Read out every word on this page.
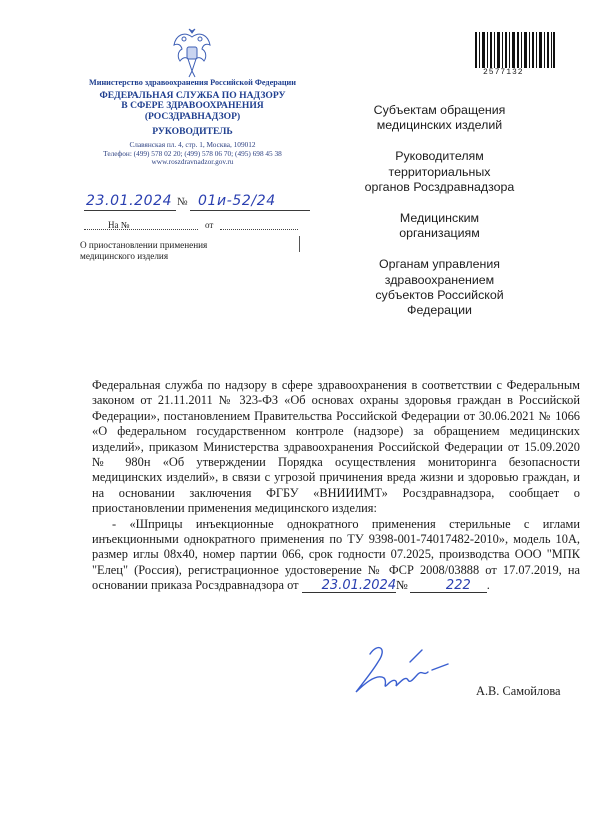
Министерство здравоохранения Российской Федерации
ФЕДЕРАЛЬНАЯ СЛУЖБА ПО НАДЗОРУ
В СФЕРЕ ЗДРАВООХРАНЕНИЯ
(РОСЗДРАВНАДЗОР)
РУКОВОДИТЕЛЬ
Славянская пл. 4, стр. 1, Москва, 109012
Телефон: (499) 578 02 20; (499) 578 06 70; (495) 698 45 38
www.roszdravnadzor.gov.ru
23.01.2024 № 01и-52/24
На №	от
О приостановлении применения
медицинского изделия
2577132
Субъектам обращения
медицинских изделий
Руководителям
территориальных
органов Росздравнадзора
Медицинским
организациям
Органам управления
здравоохранением
субъектов Российской
Федерации

Федеральная служба по надзору в сфере здравоохранения в соответствии с Федеральным законом от 21.11.2011 № 323-ФЗ «Об основах охраны здоровья граждан в Российской Федерации», постановлением Правительства Российской Федерации от 30.06.2021 № 1066 «О федеральном государственном контроле (надзоре) за обращением медицинских изделий», приказом Министерства здравоохранения Российской Федерации от 15.09.2020 № 980н «Об утверждении Порядка осуществления мониторинга безопасности медицинских изделий», в связи с угрозой причинения вреда жизни и здоровью граждан, и на основании заключения ФГБУ «ВНИИИМТ» Росздравнадзора, сообщает о приостановлении применения медицинского изделия:

- «Шприцы инъекционные однократного применения стерильные с иглами инъекционными однократного применения по ТУ 9398-001-74017482-2010», модель 10А, размер иглы 08х40, номер партии 066, срок годности 07.2025, производства ООО "МПК "Елец" (Россия), регистрационное удостоверение № ФСР 2008/03888 от 17.07.2019, на основании приказа Росздравнадзора от 23.01.2024№	222 .

А.В. Самойлова
